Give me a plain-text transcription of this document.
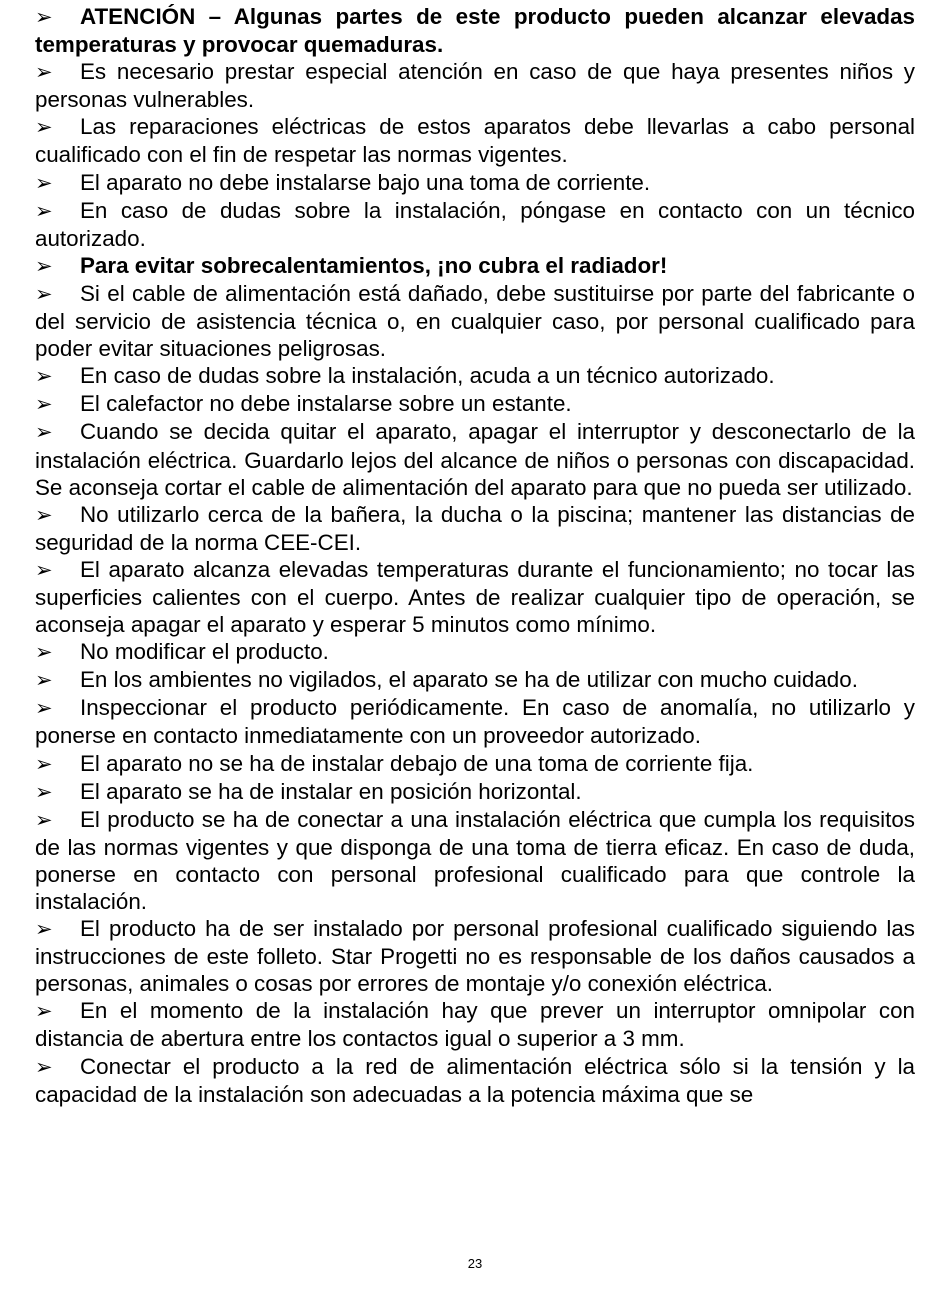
➢ ATENCIÓN – Algunas partes de este producto pueden alcanzar elevadas temperaturas y provocar quemaduras.

➢ Es necesario prestar especial atención en caso de que haya presentes niños y personas vulnerables.

➢ Las reparaciones eléctricas de estos aparatos debe llevarlas a cabo personal cualificado con el fin de respetar las normas vigentes.

➢ El aparato no debe instalarse bajo una toma de corriente.

➢ En caso de dudas sobre la instalación, póngase en contacto con un técnico autorizado.

➢ Para evitar sobrecalentamientos, ¡no cubra el radiador!

➢ Si el cable de alimentación está dañado, debe sustituirse por parte del fabricante o del servicio de asistencia técnica o, en cualquier caso, por personal cualificado para poder evitar situaciones peligrosas.

➢ En caso de dudas sobre la instalación, acuda a un técnico autorizado.

➢ El calefactor no debe instalarse sobre un estante.

➢ Cuando se decida quitar el aparato, apagar el interruptor y desconectarlo de la instalación eléctrica. Guardarlo lejos del alcance de niños o personas con discapacidad. Se aconseja cortar el cable de alimentación del aparato para que no pueda ser utilizado.

➢ No utilizarlo cerca de la bañera, la ducha o la piscina; mantener las distancias de seguridad de la norma CEE-CEI.

➢ El aparato alcanza elevadas temperaturas durante el funcionamiento; no tocar las superficies calientes con el cuerpo. Antes de realizar cualquier tipo de operación, se aconseja apagar el aparato y esperar 5 minutos como mínimo.

➢ No modificar el producto.

➢ En los ambientes no vigilados, el aparato se ha de utilizar con mucho cuidado.

➢ Inspeccionar el producto periódicamente. En caso de anomalía, no utilizarlo y ponerse en contacto inmediatamente con un proveedor autorizado.

➢ El aparato no se ha de instalar debajo de una toma de corriente fija.

➢ El aparato se ha de instalar en posición horizontal.

➢ El producto se ha de conectar a una instalación eléctrica que cumpla los requisitos de las normas vigentes y que disponga de una toma de tierra eficaz. En caso de duda, ponerse en contacto con personal profesional cualificado para que controle la instalación.

➢ El producto ha de ser instalado por personal profesional cualificado siguiendo las instrucciones de este folleto. Star Progetti no es responsable de los daños causados a personas, animales o cosas por errores de montaje y/o conexión eléctrica.

➢ En el momento de la instalación hay que prever un interruptor omnipolar con distancia de abertura entre los contactos igual o superior a 3 mm.

➢ Conectar el producto a la red de alimentación eléctrica sólo si la tensión y la capacidad de la instalación son adecuadas a la potencia máxima que se

23
